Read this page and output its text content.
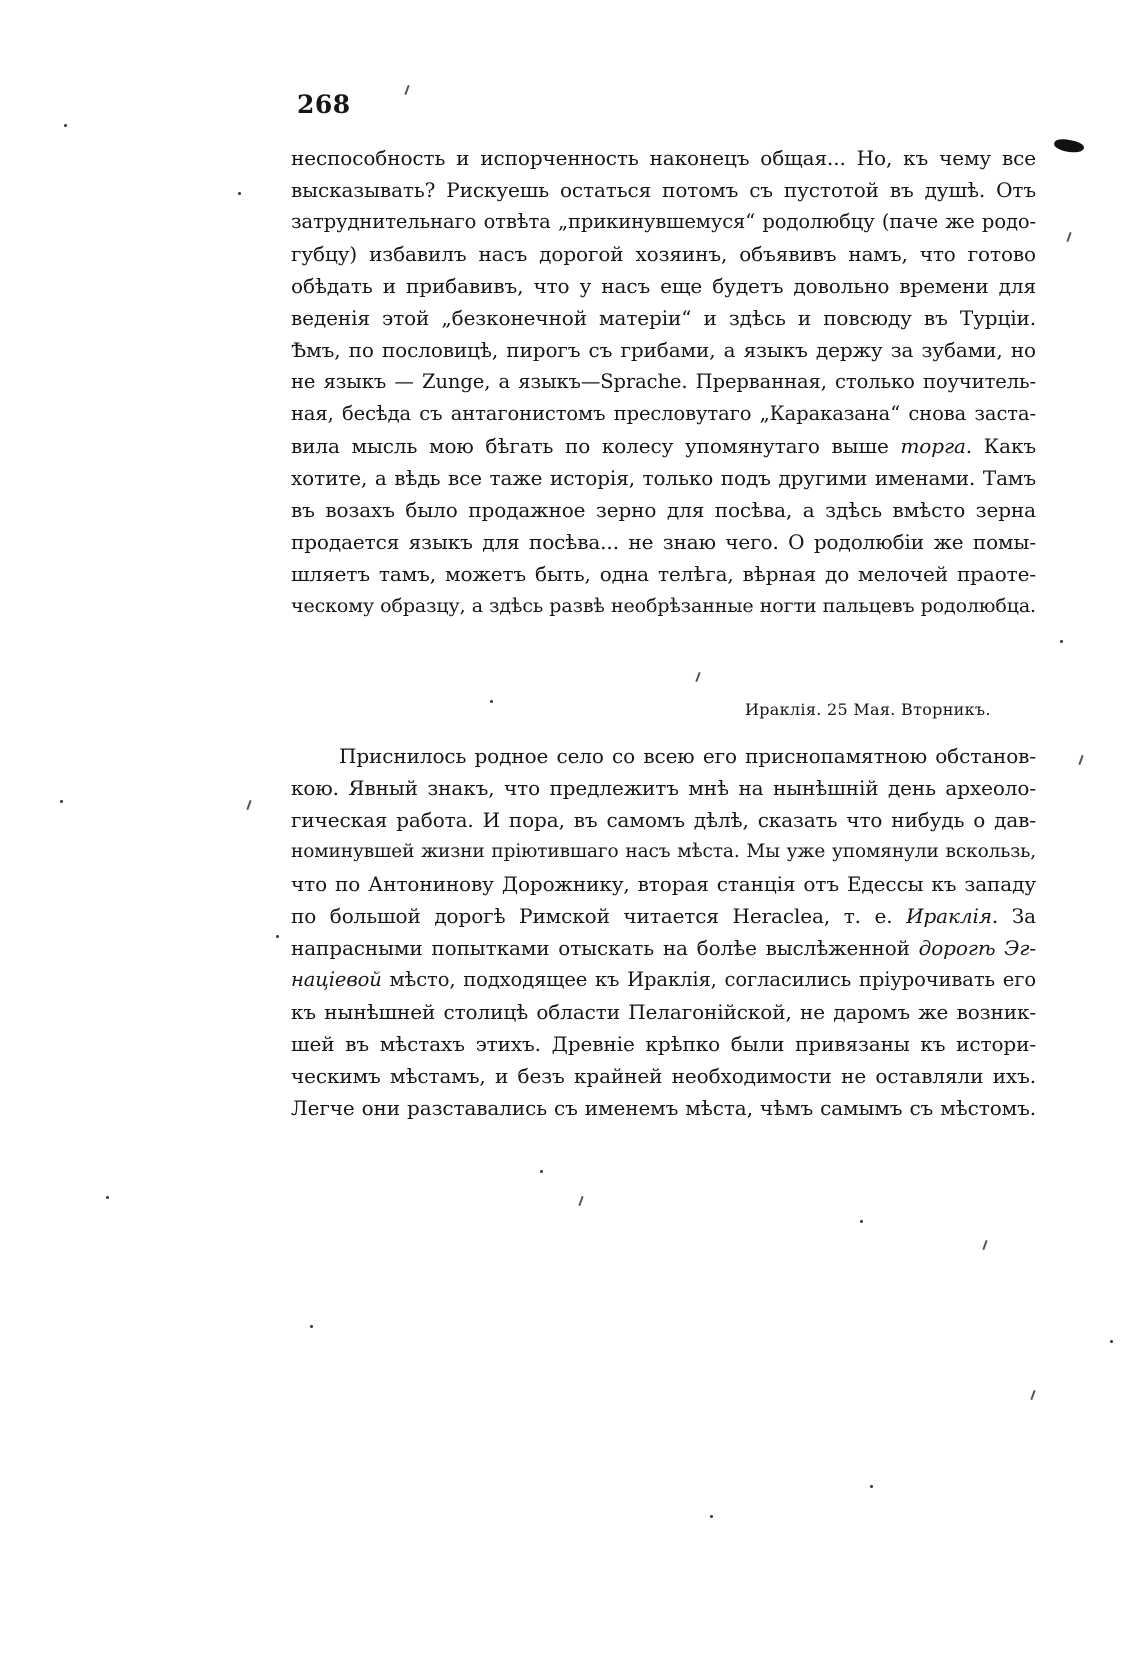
268
неспособность и испорченность наконецъ общая... Но, къ чему все
высказывать? Рискуешь остаться потомъ съ пустотой въ душѣ. Отъ
затруднительнаго отвѣта „прикинувшемуся“ родолюбцу (паче же родо-
губцу) избавилъ насъ дорогой хозяинъ, объявивъ намъ, что готово
обѣдать и прибавивъ, что у насъ еще будетъ довольно времени для
веденія этой „безконечной матеріи“ и здѣсь и повсюду въ Турціи.
Ѣмъ, по пословицѣ, пирогъ съ грибами, а языкъ держу за зубами, но
не языкъ — Zunge, а языкъ—Sprache. Прерванная, столько поучитель-
ная, бесѣда съ антагонистомъ пресловутаго „Караказана“ снова заста-
вила мысль мою бѣгать по колесу упомянутаго выше торга. Какъ
хотите, а вѣдь все таже исторія, только подъ другими именами. Тамъ
въ возахъ было продажное зерно для посѣва, а здѣсь вмѣсто зерна
продается языкъ для посѣва... не знаю чего. О родолюбіи же помы-
шляетъ тамъ, можетъ быть, одна телѣга, вѣрная до мелочей праоте-
ческому образцу, а здѣсь развѣ необрѣзанные ногти пальцевъ родолюбца.
Ираклія. 25 Мая. Вторникъ.
Приснилось родное село со всею его приснопамятною обстанов-
кою. Явный знакъ, что предлежитъ мнѣ на нынѣшній день археоло-
гическая работа. И пора, въ самомъ дѣлѣ, сказать что нибудь о дав-
номинувшей жизни пріютившаго насъ мѣста. Мы уже упомянули вскользь,
что по Антонинову Дорожнику, вторая станція отъ Едессы къ западу
по большой дорогѣ Римской читается Heraclea, т. е. Ираклія. За
напрасными попытками отыскать на болѣе выслѣженной дорогѣ Эг-
націевой мѣсто, подходящее къ Ираклія, согласились пріурочивать его
къ нынѣшней столицѣ области Пелагонійской, не даромъ же возник-
шей въ мѣстахъ этихъ. Древніе крѣпко были привязаны къ истори-
ческимъ мѣстамъ, и безъ крайней необходимости не оставляли ихъ.
Легче они разставались съ именемъ мѣста, чѣмъ самымъ съ мѣстомъ.
